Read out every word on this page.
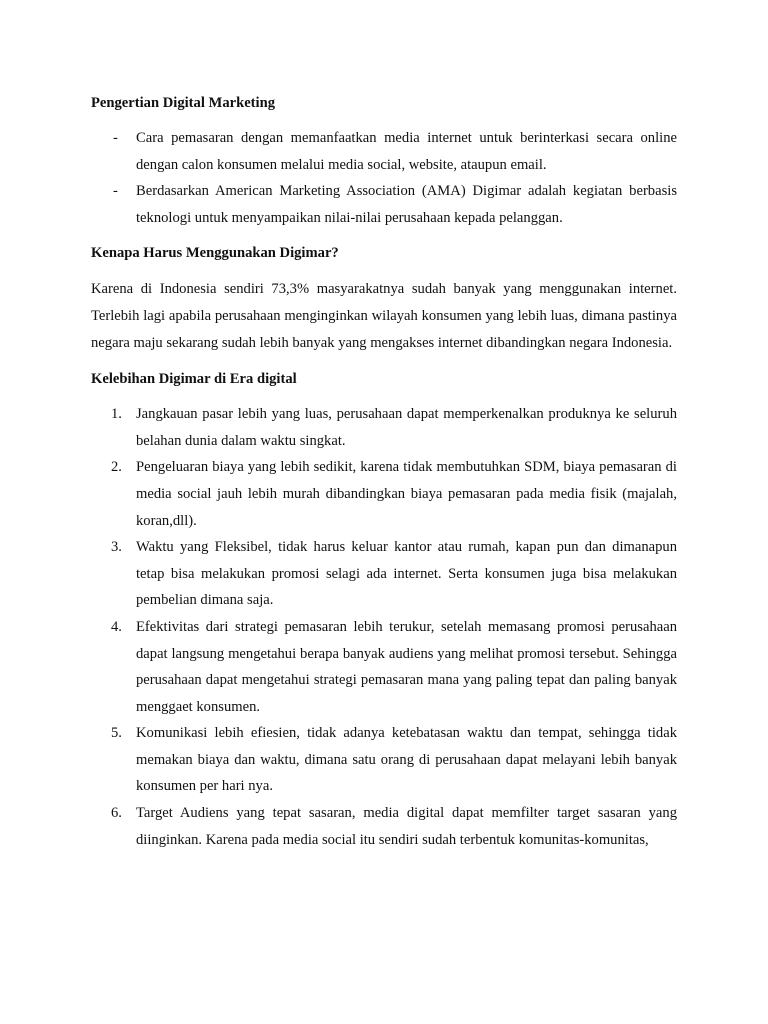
Pengertian Digital Marketing
- Cara pemasaran dengan memanfaatkan media internet untuk berinterkasi secara online dengan calon konsumen melalui media social, website, ataupun email.
- Berdasarkan American Marketing Association (AMA) Digimar adalah kegiatan berbasis teknologi untuk menyampaikan nilai-nilai perusahaan kepada pelanggan.
Kenapa Harus Menggunakan Digimar?

Karena di Indonesia sendiri 73,3% masyarakatnya sudah banyak yang menggunakan internet. Terlebih lagi apabila perusahaan menginginkan wilayah konsumen yang lebih luas, dimana pastinya negara maju sekarang sudah lebih banyak yang mengakses internet dibandingkan negara Indonesia.

Kelebihan Digimar di Era digital
1. Jangkauan pasar lebih yang luas, perusahaan dapat memperkenalkan produknya ke seluruh belahan dunia dalam waktu singkat.
2. Pengeluaran biaya yang lebih sedikit, karena tidak membutuhkan SDM, biaya pemasaran di media social jauh lebih murah dibandingkan biaya pemasaran pada media fisik (majalah, koran,dll).
3. Waktu yang Fleksibel, tidak harus keluar kantor atau rumah, kapan pun dan dimanapun tetap bisa melakukan promosi selagi ada internet. Serta konsumen juga bisa melakukan pembelian dimana saja.
4. Efektivitas dari strategi pemasaran lebih terukur, setelah memasang promosi perusahaan dapat langsung mengetahui berapa banyak audiens yang melihat promosi tersebut. Sehingga perusahaan dapat mengetahui strategi pemasaran mana yang paling tepat dan paling banyak menggaet konsumen.
5. Komunikasi lebih efiesien, tidak adanya ketebatasan waktu dan tempat, sehingga tidak memakan biaya dan waktu, dimana satu orang di perusahaan dapat melayani lebih banyak konsumen per hari nya.
6. Target Audiens yang tepat sasaran, media digital dapat memfilter target sasaran yang diinginkan. Karena pada media social itu sendiri sudah terbentuk komunitas-komunitas,
